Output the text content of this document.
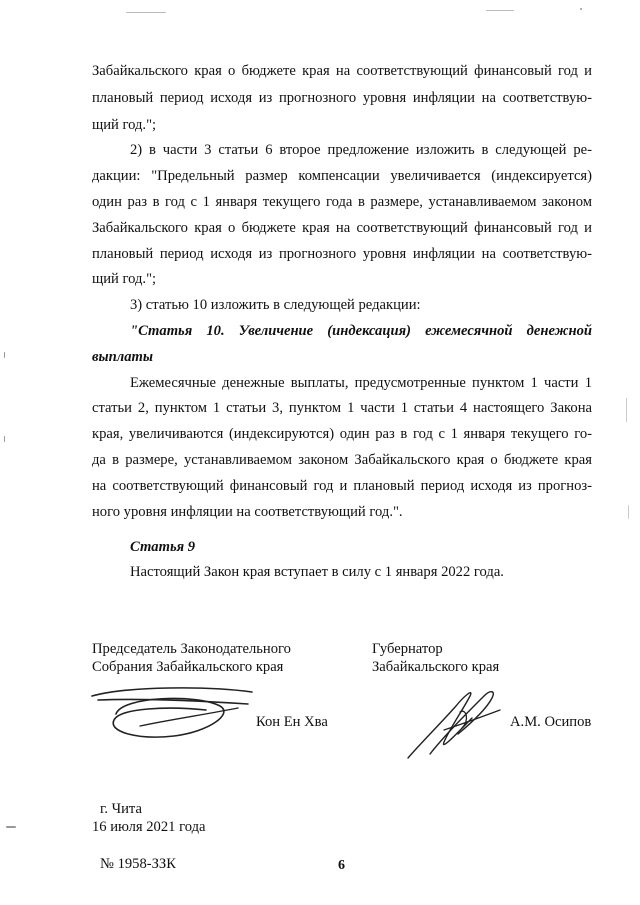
Забайкальского края о бюджете края на соответствующий финансовый год и

плановый период исходя из прогнозного уровня инфляции на соответствую-

щий год.";

2) в части 3 статьи 6 второе предложение изложить в следующей ре-

дакции: "Предельный размер компенсации увеличивается (индексируется)

один раз в год с 1 января текущего года в размере, устанавливаемом законом

Забайкальского края о бюджете края на соответствующий финансовый год и

плановый период исходя из прогнозного уровня инфляции на соответствую-

щий год.";

3) статью 10 изложить в следующей редакции:

"Статья 10. Увеличение (индексация) ежемесячной денежной

выплаты

Ежемесячные денежные выплаты, предусмотренные пунктом 1 части 1

статьи 2, пунктом 1 статьи 3, пунктом 1 части 1 статьи 4 настоящего Закона

края, увеличиваются (индексируются) один раз в год с 1 января текущего го-

да в размере, устанавливаемом законом Забайкальского края о бюджете края

на соответствующий финансовый год и плановый период исходя из прогноз-

ного уровня инфляции на соответствующий год.".

Статья 9

Настоящий Закон края вступает в силу с 1 января 2022 года.

Председатель Законодательного
Собрания Забайкальского края
Губернатор
Забайкальского края
Кон Ен Хва	А.М. Осипов
г. Чита
16 июля 2021 года
№ 1958-ЗЗК	6
